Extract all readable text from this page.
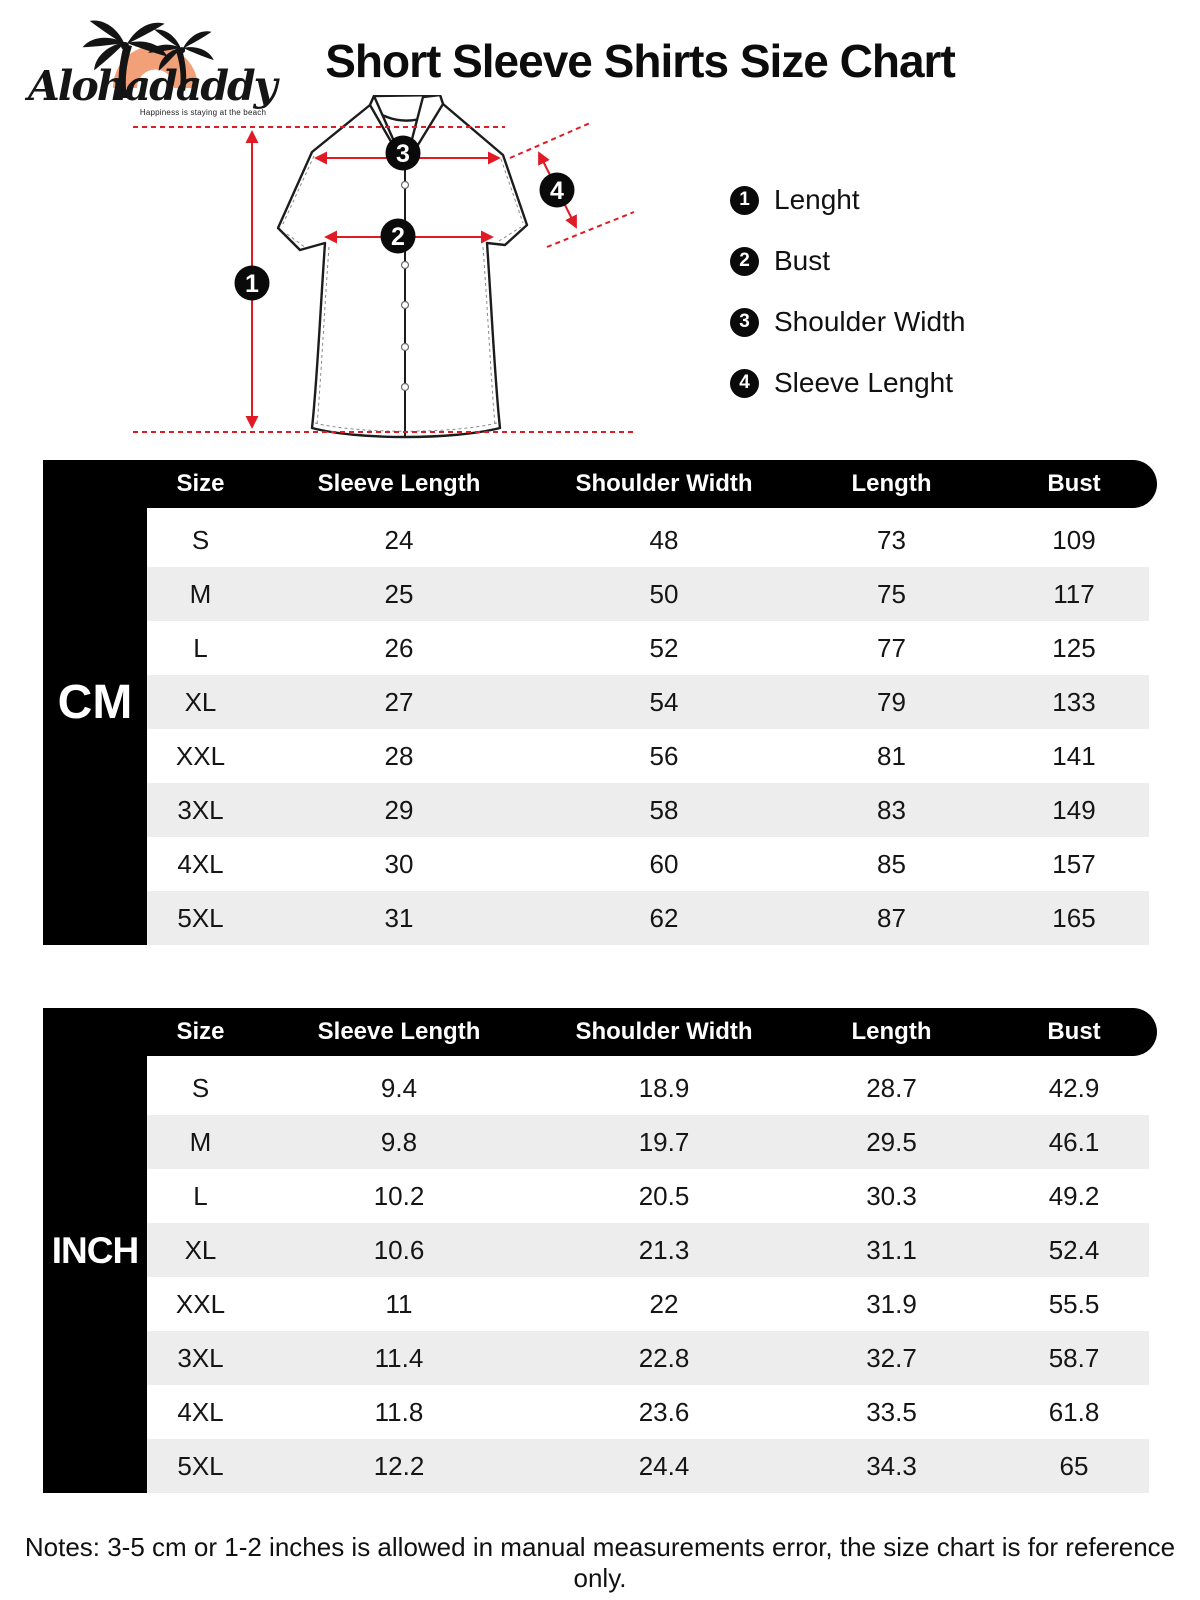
Alohadaddy
Happiness is staying at the beach
Short Sleeve Shirts Size Chart
1
3
2
4	1 Lenght
2 Bust
3 Shoulder Width
4 Sleeve Lenght
CM
Size	Sleeve Length	Shoulder Width	Length	Bust
S	24	48	73	109
M	25	50	75	117
L	26	52	77	125
XL	27	54	79	133
XXL	28	56	81	141
3XL	29	58	83	149
4XL	30	60	85	157
5XL	31	62	87	165
INCH
Size	Sleeve Length	Shoulder Width	Length	Bust
S	9.4	18.9	28.7	42.9
M	9.8	19.7	29.5	46.1
L	10.2	20.5	30.3	49.2
XL	10.6	21.3	31.1	52.4
XXL	11	22	31.9	55.5
3XL	11.4	22.8	32.7	58.7
4XL	11.8	23.6	33.5	61.8
5XL	12.2	24.4	34.3	65
Notes: 3-5 cm or 1-2 inches is allowed in manual measurements error, the size chart is for reference only.
